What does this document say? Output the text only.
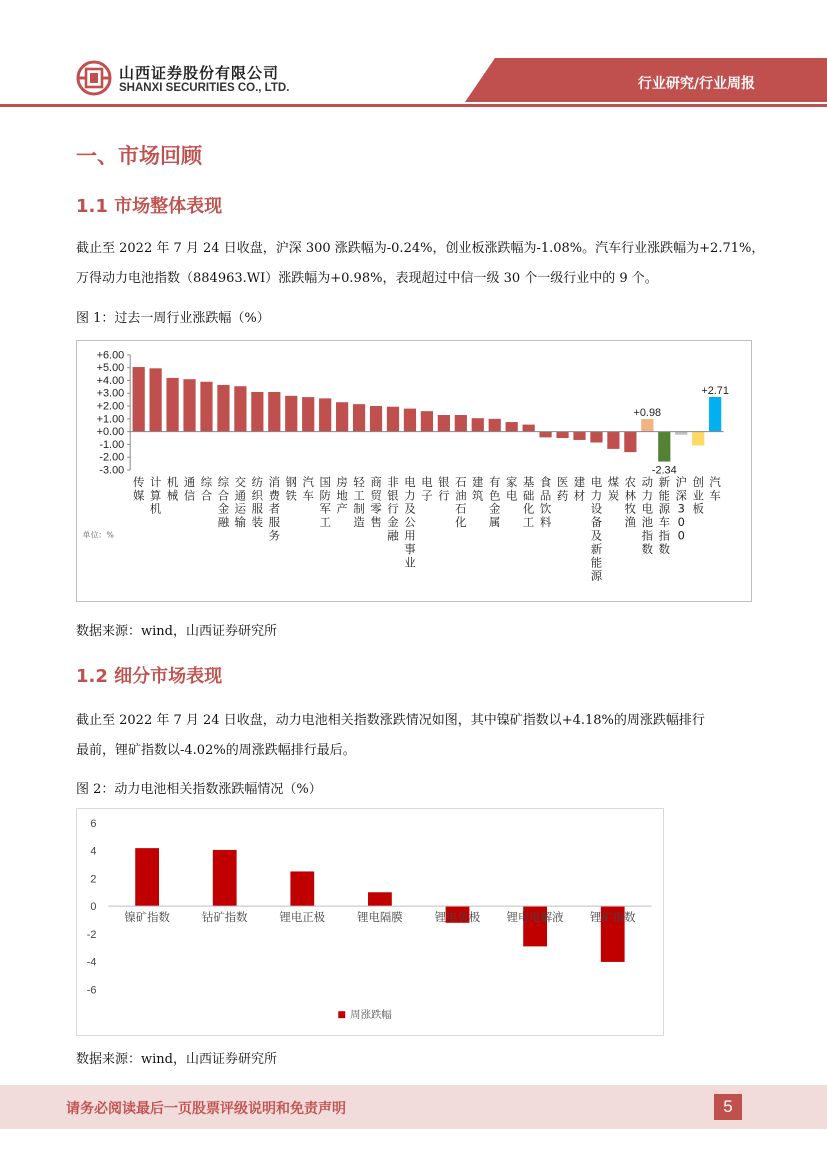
山西证券股份有限公司
SHANXI SECURITIES CO., LTD.	行业研究/行业周报
一、市场回顾
1.1 市场整体表现
截止至 2022 年 7 月 24 日收盘，沪深 300 涨跌幅为-0.24%，创业板涨跌幅为-1.08%。汽车行业涨跌幅为+2.71%，
万得动力电池指数（884963.WI）涨跌幅为+0.98%，表现超过中信一级 30 个一级行业中的 9 个。
图 1：过去一周行业涨跌幅（%）
+6.00
+5.00
+4.00
+3.00
+2.00
+1.00
+0.00
-1.00
-2.00
-3.00
+0.98
-2.34
+2.71
传媒
计算机
机械
通信
综合
综合金融
交通运输
纺织服装
消费者服务
钢铁
汽车
国防军工
房地产
轻工制造
商贸零售
非银行金融
电力及公用事业
电子
银行
石油石化
建筑
有色金属
家电
基础化工
食品饮料
医药
建材
电力设备及新能源
煤炭
农林牧渔
动力电池指数
新能源车指数
沪深 3 0 0
创业板
汽车
单位：%
数据来源：wind，山西证券研究所
1.2 细分市场表现
截止至 2022 年 7 月 24 日收盘，动力电池相关指数涨跌情况如图，其中镍矿指数以+4.18%的周涨跌幅排行
最前，锂矿指数以-4.02%的周涨跌幅排行最后。
图 2：动力电池相关指数涨跌幅情况（%）
6
4
2
0
-2
-4
-6
镍矿指数	钴矿指数	锂电正极	锂电隔膜	锂电负极 锂电电解液 锂矿指数
周涨跌幅
数据来源：wind，山西证券研究所
请务必阅读最后一页股票评级说明和免责声明	5
